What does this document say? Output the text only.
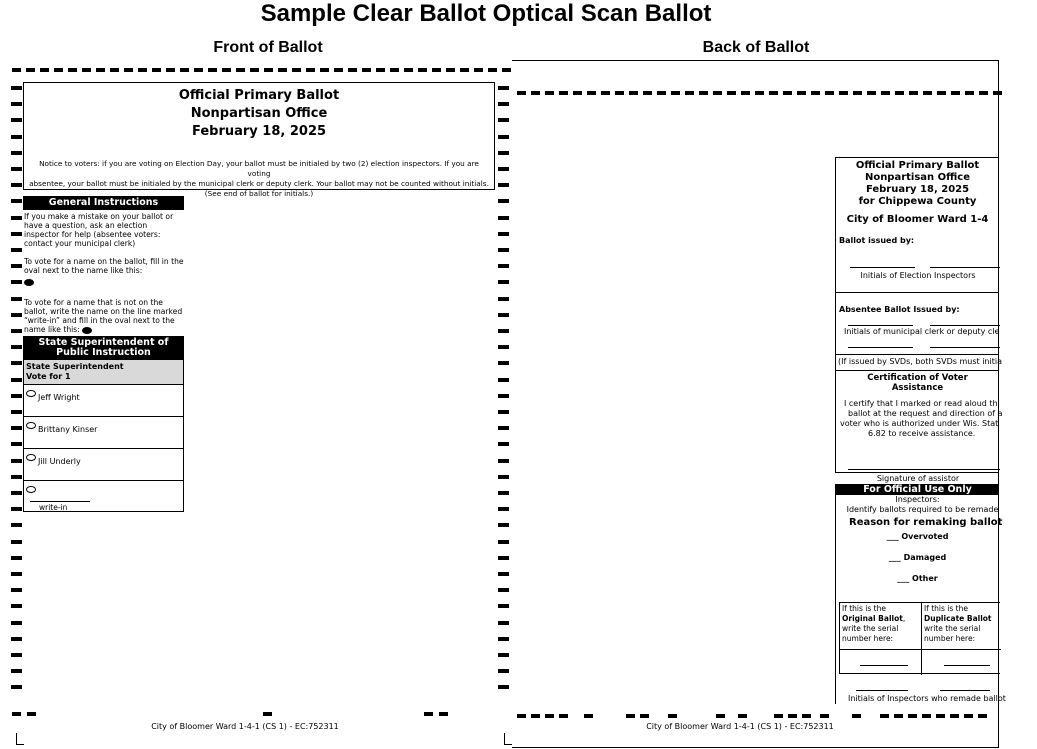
Sample Clear Ballot Optical Scan Ballot
Front of Ballot	Back of Ballot
Official Primary Ballot
Nonpartisan Office
February 18, 2025
Notice to voters: if you are voting on Election Day, your ballot must be initialed by two (2) election inspectors. If you are voting
absentee, your ballot must be initialed by the municipal clerk or deputy clerk. Your ballot may not be counted without initials.
(See end of ballot for initials.)
General Instructions

If you make a mistake on your ballot or have a question, ask an election inspector for help (absentee voters: contact your municipal clerk)

To vote for a name on the ballot, fill in the oval next to the name like this:

To vote for a name that is not on the ballot, write the name on the line marked “write-in” and fill in the oval next to the name like this:

State Superintendent of Public Instruction
State Superintendent
Vote for 1
Jeff Wright
Brittany Kinser
Jill Underly
write-in
City of Bloomer Ward 1-4-1 (CS 1) - EC:752311
Official Primary Ballot
Nonpartisan Office
February 18, 2025
for Chippewa County
City of Bloomer Ward 1-4
Ballot issued by:
Initials of Election Inspectors
Absentee Ballot Issued by:
Initials of municipal clerk or deputy cle
(If issued by SVDs, both SVDs must initia
Certification of Voter
Assistance
I certify that I marked or read aloud th
ballot at the request and direction of a
voter who is authorized under Wis. Stat
6.82 to receive assistance.
Signature of assistor
For Official Use Only
Inspectors:
Identify ballots required to be remade
Reason for remaking ballot
___ Overvoted
___ Damaged
___ Other
If this is the Original Ballot, write the serial number here:
If this is the Duplicate Ballot write the serial number here:
Initials of Inspectors who remade ballot
City of Bloomer Ward 1-4-1 (CS 1) - EC:752311
